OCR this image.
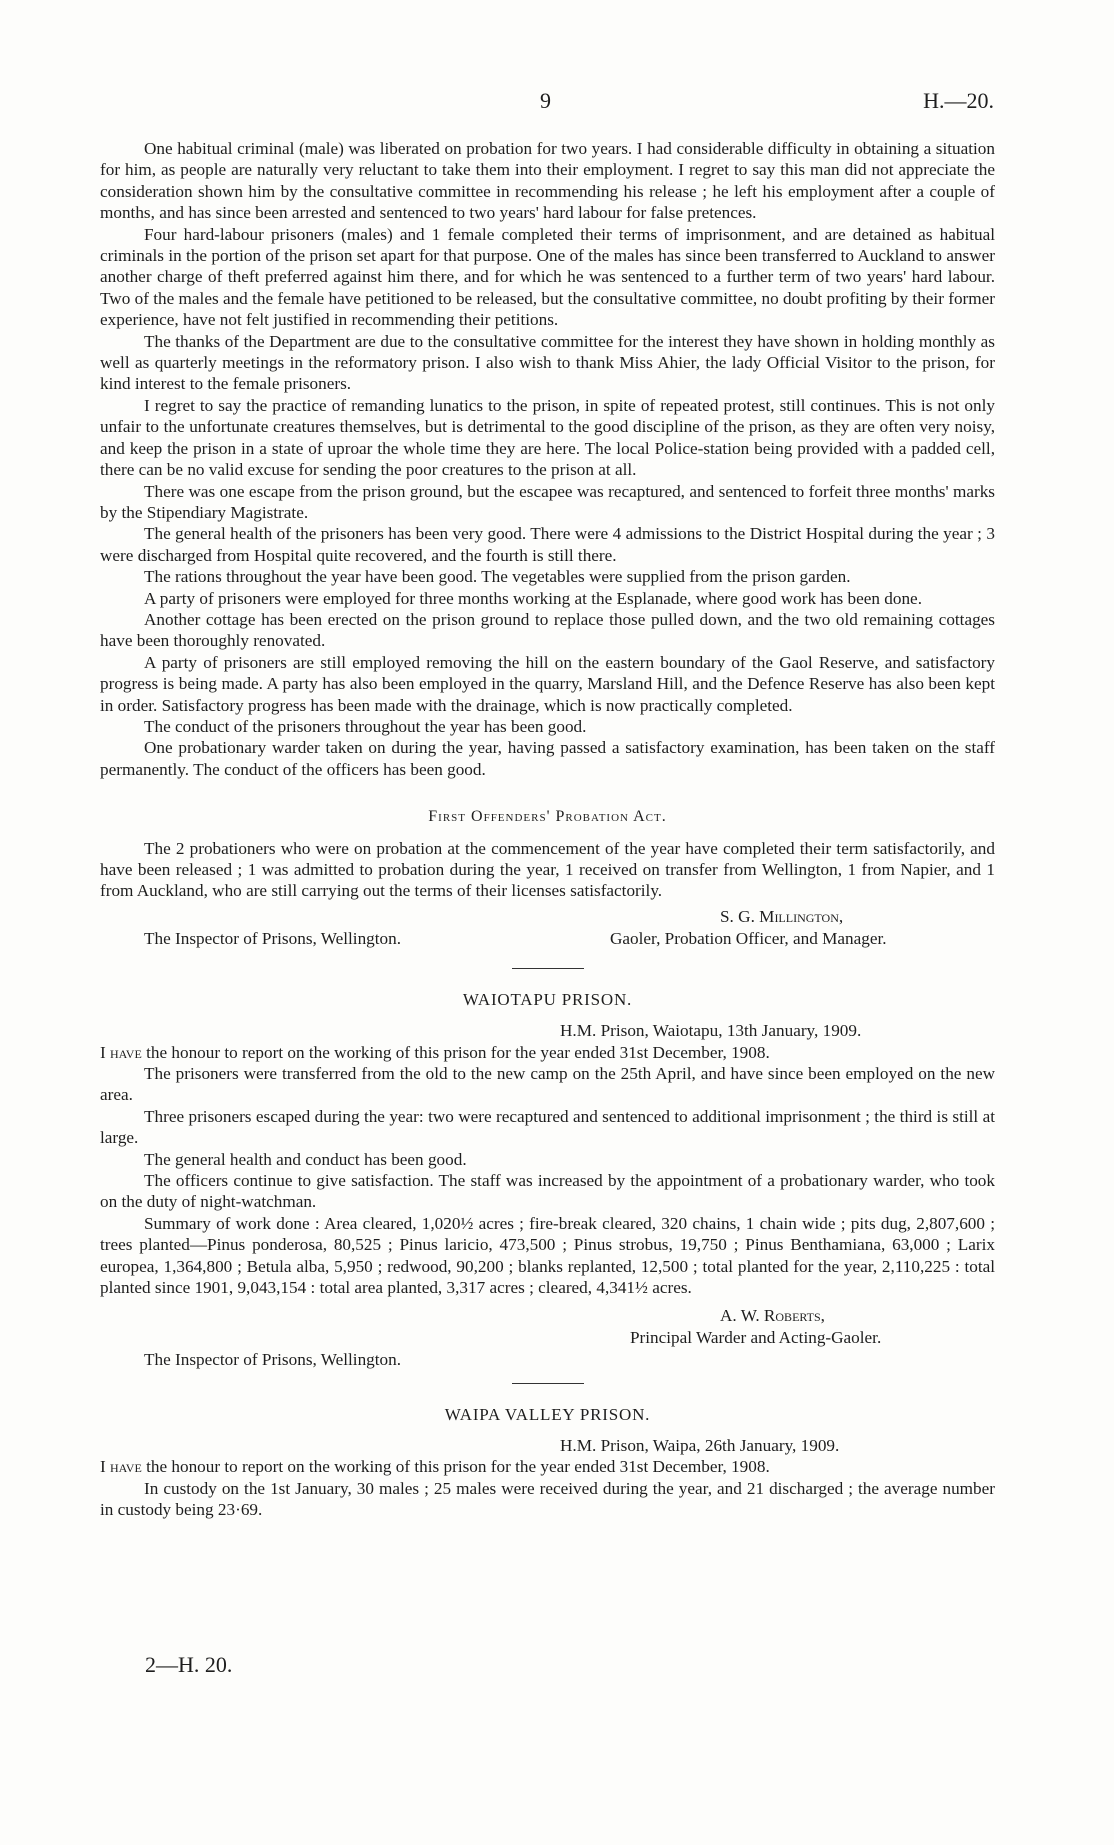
9	H.—20.

One habitual criminal (male) was liberated on probation for two years. I had considerable difficulty in obtaining a situation for him, as people are naturally very reluctant to take them into their employment. I regret to say this man did not appreciate the consideration shown him by the consultative committee in recommending his release ; he left his employment after a couple of months, and has since been arrested and sentenced to two years' hard labour for false pretences.

Four hard-labour prisoners (males) and 1 female completed their terms of imprisonment, and are detained as habitual criminals in the portion of the prison set apart for that purpose. One of the males has since been transferred to Auckland to answer another charge of theft preferred against him there, and for which he was sentenced to a further term of two years' hard labour. Two of the males and the female have petitioned to be released, but the consultative committee, no doubt profiting by their former experience, have not felt justified in recommending their petitions.

The thanks of the Department are due to the consultative committee for the interest they have shown in holding monthly as well as quarterly meetings in the reformatory prison. I also wish to thank Miss Ahier, the lady Official Visitor to the prison, for kind interest to the female prisoners.

I regret to say the practice of remanding lunatics to the prison, in spite of repeated protest, still continues. This is not only unfair to the unfortunate creatures themselves, but is detrimental to the good discipline of the prison, as they are often very noisy, and keep the prison in a state of uproar the whole time they are here. The local Police-station being provided with a padded cell, there can be no valid excuse for sending the poor creatures to the prison at all.

There was one escape from the prison ground, but the escapee was recaptured, and sentenced to forfeit three months' marks by the Stipendiary Magistrate.

The general health of the prisoners has been very good. There were 4 admissions to the District Hospital during the year ; 3 were discharged from Hospital quite recovered, and the fourth is still there.

The rations throughout the year have been good. The vegetables were supplied from the prison garden.

A party of prisoners were employed for three months working at the Esplanade, where good work has been done.

Another cottage has been erected on the prison ground to replace those pulled down, and the two old remaining cottages have been thoroughly renovated.

A party of prisoners are still employed removing the hill on the eastern boundary of the Gaol Reserve, and satisfactory progress is being made. A party has also been employed in the quarry, Marsland Hill, and the Defence Reserve has also been kept in order. Satisfactory progress has been made with the drainage, which is now practically completed.

The conduct of the prisoners throughout the year has been good.

One probationary warder taken on during the year, having passed a satisfactory examination, has been taken on the staff permanently. The conduct of the officers has been good.

First Offenders' Probation Act.

The 2 probationers who were on probation at the commencement of the year have completed their term satisfactorily, and have been released ; 1 was admitted to probation during the year, 1 received on transfer from Wellington, 1 from Napier, and 1 from Auckland, who are still carrying out the terms of their licenses satisfactorily.

S. G. Millington,
The Inspector of Prisons, Wellington.	Gaoler, Probation Officer, and Manager.
WAIOTAPU PRISON.

H.M. Prison, Waiotapu, 13th January, 1909.

I have the honour to report on the working of this prison for the year ended 31st December, 1908.

The prisoners were transferred from the old to the new camp on the 25th April, and have since been employed on the new area.

Three prisoners escaped during the year: two were recaptured and sentenced to additional imprisonment ; the third is still at large.

The general health and conduct has been good.

The officers continue to give satisfaction. The staff was increased by the appointment of a probationary warder, who took on the duty of night-watchman.

Summary of work done : Area cleared, 1,020½ acres ; fire-break cleared, 320 chains, 1 chain wide ; pits dug, 2,807,600 ; trees planted—Pinus ponderosa, 80,525 ; Pinus laricio, 473,500 ; Pinus strobus, 19,750 ; Pinus Benthamiana, 63,000 ; Larix europea, 1,364,800 ; Betula alba, 5,950 ; redwood, 90,200 ; blanks replanted, 12,500 ; total planted for the year, 2,110,225 : total planted since 1901, 9,043,154 : total area planted, 3,317 acres ; cleared, 4,341½ acres.

A. W. Roberts,
Principal Warder and Acting-Gaoler.
The Inspector of Prisons, Wellington.
WAIPA VALLEY PRISON.

H.M. Prison, Waipa, 26th January, 1909.

I have the honour to report on the working of this prison for the year ended 31st December, 1908.

In custody on the 1st January, 30 males ; 25 males were received during the year, and 21 discharged ; the average number in custody being 23·69.

2—H. 20.
